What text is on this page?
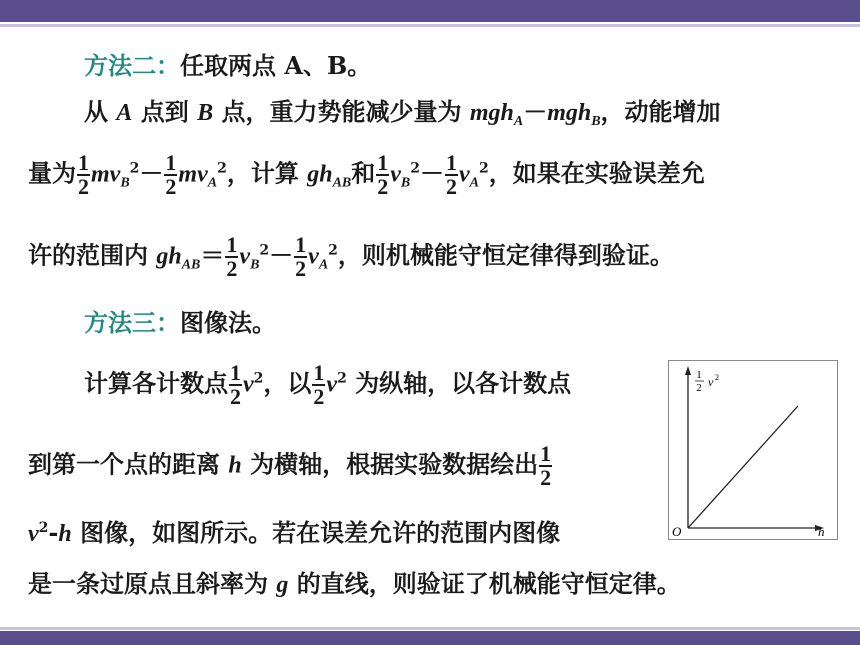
方法二：任取两点 A、B。
从 A 点到 B 点，重力势能减少量为 mgh$_A$－mgh$_B$，动能增加
量为 $\frac{1}{2} mv_B^2- \frac{1}{2} mv_A^2$，计算 $gh_{AB}$和 $\frac{1}{2} v_B^2- \frac{1}{2} v_A^2$，如果在实验误差允
许的范围内 $gh_{AB}= \frac{1}{2} v_B^2- \frac{1}{2} v_A^2$，则机械能守恒定律得到验证。
方法三：图像法。
计算各计数点 $\frac{1}{2} v^2$，以 $\frac{1}{2} v^2$ 为纵轴，以各计数点
到第一个点的距离 h 为横轴，根据实验数据绘出 $\frac{1}{2}$
$v^2-h$ 图像，如图所示。若在误差允许的范围内图像
是一条过原点且斜率为 g 的直线，则验证了机械能守恒定律。
1
2 v 2
O	h
